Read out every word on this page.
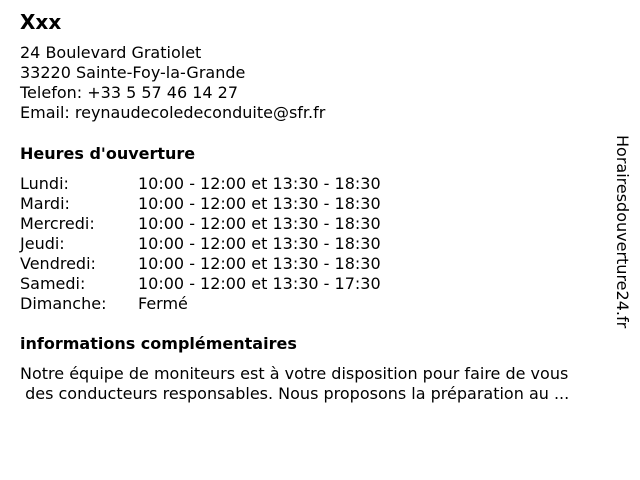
Xxx
24 Boulevard Gratiolet
33220 Sainte-Foy-la-Grande
Telefon: +33 5 57 46 14 27
Email: reynaudecoledeconduite@sfr.fr
Heures d'ouverture
Lundi:	10:00 - 12:00 et 13:30 - 18:30
Mardi:	10:00 - 12:00 et 13:30 - 18:30
Mercredi:	10:00 - 12:00 et 13:30 - 18:30
Jeudi:	10:00 - 12:00 et 13:30 - 18:30
Vendredi:	10:00 - 12:00 et 13:30 - 18:30
Samedi:	10:00 - 12:00 et 13:30 - 17:30
Dimanche: Fermé
informations complémentaires
Notre équipe de moniteurs est à votre disposition pour faire de vous
des conducteurs responsables. Nous proposons la préparation au ...
Horairesdouverture24.fr
